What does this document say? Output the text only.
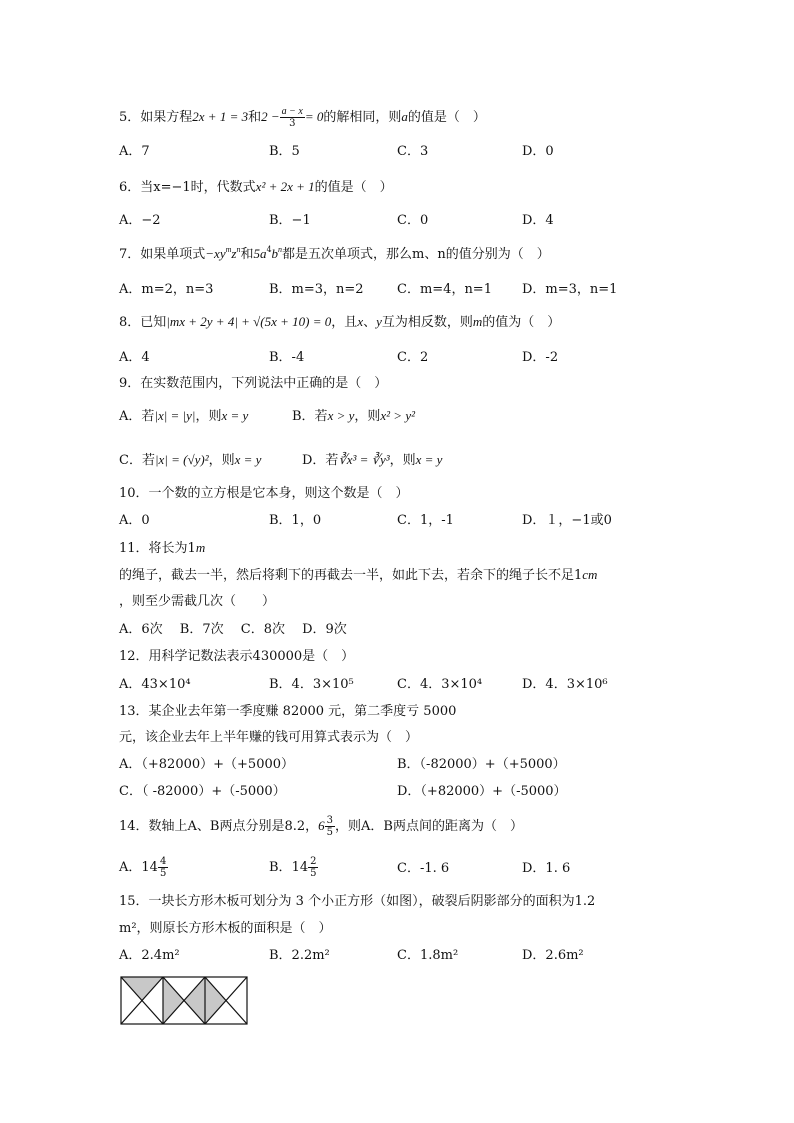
5．如果方程2x + 1 = 3和$2 - \frac{a - x}{3} = 0$的解相同，则a的值是（　）
A．7	B．5	C．3	D．0
6．当x=−1时，代数式x² + 2x + 1的值是（　）
A．−2	B．−1	C．0	D．4
7．如果单项式$-xy^mz^n$和$5a^4b^n$都是五次单项式，那么m、n的值分别为（　）
A．m=2，n=3	B．m=3，n=2	C．m=4，n=1 D．m=3，n=1
8．已知|mx + 2y + 4| + √(5x + 10) = 0，且x、y互为相反数，则m的值为（　）
A．4	B．-4	C．2	D．-2
9．在实数范围内，下列说法中正确的是（　）
A．若|x| = |y|，则x = y	B．若x > y，则x² > y²
C．若|x| = (√y)²，则x = y	D．若∛x³ = ∛y³，则x = y
10．一个数的立方根是它本身，则这个数是（　）
A．0	B．1，0	C．1，-1	D．１，−1或0
11．将长为1m
的绳子，截去一半，然后将剩下的再截去一半，如此下去，若余下的绳子长不足1cm
，则至少需截几次（　　）
A．6次　 B．7次　 C．8次　 D．9次
12．用科学记数法表示430000是（　）
A．43×10⁴	B．4．3×10⁵	C．4．3×10⁴	D．4．3×10⁶
13．某企业去年第一季度赚 82000 元，第二季度亏 5000
元，该企业去年上半年赚的钱可用算式表示为（　）
A．（+82000）+（+5000）	B．（-82000）+（+5000）
C．（ -82000）+（-5000）	D．（+82000）+（-5000）
14．数轴上A、B两点分别是8.2，$6 \frac{3}{5}$ ，则A．B两点间的距离为（　）
A．$14 \frac{4}{5}$	B．$14 \frac{2}{5}$	C．-1. 6	D．1. 6
15．一块长方形木板可划分为 3 个小正方形（如图），破裂后阴影部分的面积为1.2
m²，则原长方形木板的面积是（　）
A．2.4m²	B．2.2m²	C．1.8m²	D．2.6m²
